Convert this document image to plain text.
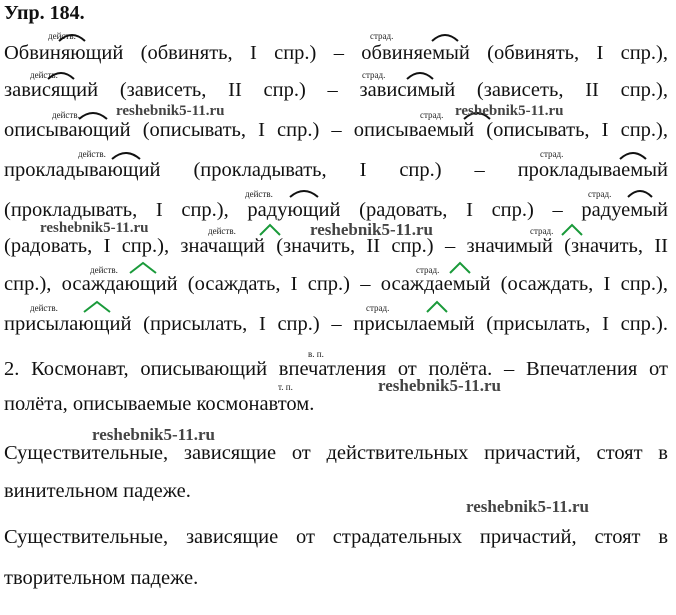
Упр. 184.
Обвиняющий (обвинять, I спр.) – обвиняемый (обвинять, I спр.),
зависящий (зависеть, II спр.) – зависимый (зависеть, II спр.),
описывающий (описывать, I спр.) – описываемый (описывать, I спр.),
прокладывающий (прокладывать, I спр.) – прокладываемый
(прокладывать, I спр.), радующий (радовать, I спр.) – радуемый
(радовать, I спр.), значащий (значить, II спр.) – значимый (значить, II
спр.), осаждающий (осаждать, I спр.) – осаждаемый (осаждать, I спр.),
присылающий (присылать, I спр.) – присылаемый (присылать, I спр.).
действ.	страд.
действ.	страд.
действ.	страд.
действ.	страд.
действ.	страд.
действ.	страд.
действ.	страд.
действ.	страд.
в. п.
2. Космонавт, описывающий впечатления от полёта. – Впечатления от
т. п.
полёта, описываемые космонавтом.
Существительные, зависящие от действительных причастий, стоят в
винительном падеже.
Существительные, зависящие от страдательных причастий, стоят в
творительном падеже.
reshebnik5-11.ru	reshebnik5-11.ru
reshebnik5-11.ru	reshebnik5-11.ru
reshebnik5-11.ru
reshebnik5-11.ru
reshebnik5-11.ru
